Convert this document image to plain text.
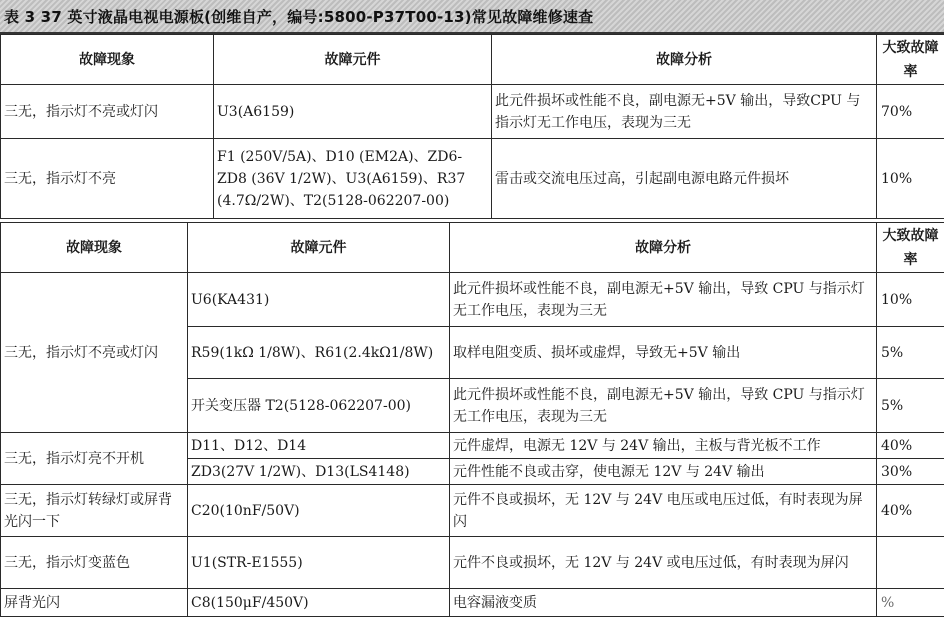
表 3 37 英寸液晶电视电源板(创维自产，编号:5800-P37T00-13)常见故障维修速查
故障现象	故障元件	故障分析	大致故障率
三无，指示灯不亮或灯闪	U3(A6159)	此元件损坏或性能不良，副电源无+5V 输出，导致CPU 与指示灯无工作电压，表现为三无	70%
三无，指示灯不亮	F1 (250V/5A)、D10 (EM2A)、ZD6-ZD8 (36V 1/2W)、U3(A6159)、R37 (4.7Ω/2W)、T2(5128-062207-00)	雷击或交流电压过高，引起副电源电路元件损坏	10%
故障现象	故障元件	故障分析	大致故障率
三无，指示灯不亮或灯闪	U6(KA431)	此元件损坏或性能不良，副电源无+5V 输出，导致 CPU 与指示灯无工作电压，表现为三无	10%
	R59(1kΩ 1/8W)、R61(2.4kΩ1/8W)	取样电阻变质、损坏或虚焊，导致无+5V 输出	5%
	开关变压器 T2(5128-062207-00)	此元件损坏或性能不良，副电源无+5V 输出，导致 CPU 与指示灯无工作电压，表现为三无	5%
三无，指示灯亮不开机	D11、D12、D14	元件虚焊，电源无 12V 与 24V 输出，主板与背光板不工作	40%
	ZD3(27V 1/2W)、D13(LS4148)	元件性能不良或击穿，使电源无 12V 与 24V 输出	30%
三无，指示灯转绿灯或屏背光闪一下	C20(10nF/50V)	元件不良或损坏，无 12V 与 24V 电压或电压过低，有时表现为屏闪	40%
三无，指示灯变蓝色	U1(STR-E1555)	元件不良或损坏，无 12V 与 24V 或电压过低，有时表现为屏闪	
屏背光闪	C8(150μF/450V)	电容漏液变质	%
